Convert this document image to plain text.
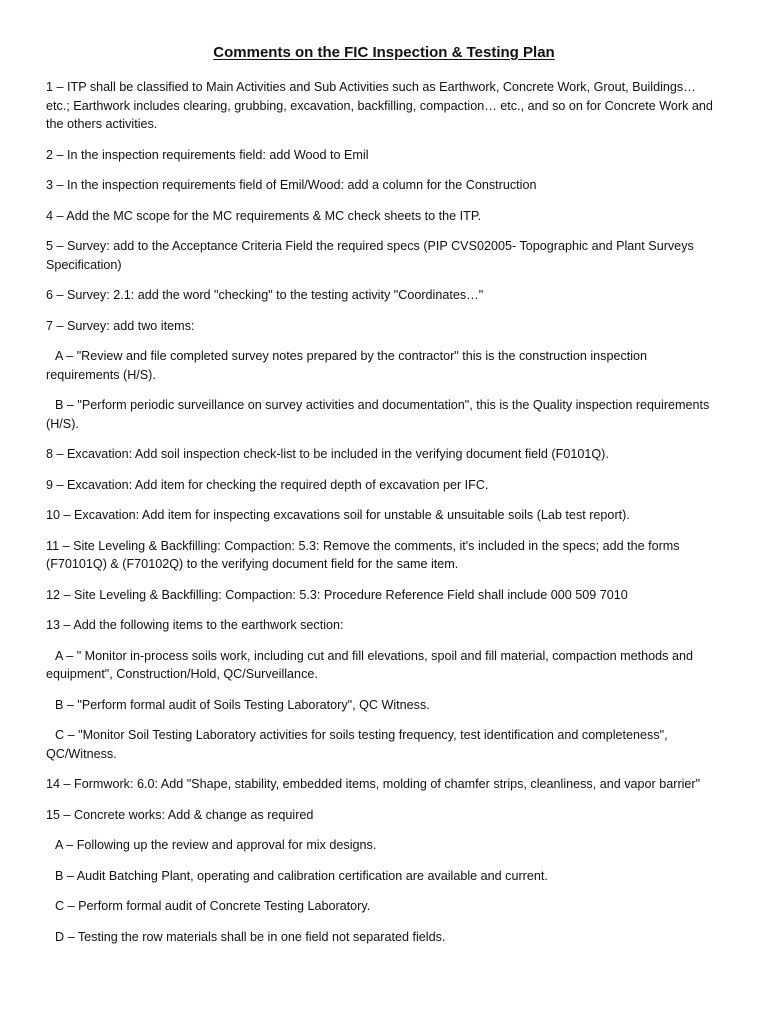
Comments on the FIC Inspection & Testing Plan

1 – ITP shall be classified to Main Activities and Sub Activities such as Earthwork, Concrete Work, Grout, Buildings… etc.; Earthwork includes clearing, grubbing, excavation, backfilling, compaction… etc., and so on for Concrete Work and the others activities.

2 – In the inspection requirements field: add Wood to Emil

3 – In the inspection requirements field of Emil/Wood: add a column for the Construction

4 – Add the MC scope for the MC requirements & MC check sheets to the ITP.

5 – Survey: add to the Acceptance Criteria Field the required specs (PIP CVS02005- Topographic and Plant Surveys Specification)

6 – Survey: 2.1: add the word "checking" to the testing activity "Coordinates…"

7 – Survey: add two items:

A – "Review and file completed survey notes prepared by the contractor" this is the construction inspection requirements (H/S).

B – "Perform periodic surveillance on survey activities and documentation", this is the Quality inspection requirements (H/S).

8 – Excavation: Add soil inspection check-list to be included in the verifying document field (F0101Q).

9 – Excavation: Add item for checking the required depth of excavation per IFC.

10 – Excavation: Add item for inspecting excavations soil for unstable & unsuitable soils (Lab test report).

11 – Site Leveling & Backfilling: Compaction: 5.3: Remove the comments, it's included in the specs; add the forms (F70101Q) & (F70102Q) to the verifying document field for the same item.

12 – Site Leveling & Backfilling: Compaction: 5.3: Procedure Reference Field shall include 000 509 7010

13 – Add the following items to the earthwork section:

A – " Monitor in-process soils work, including cut and fill elevations, spoil and fill material, compaction methods and equipment", Construction/Hold, QC/Surveillance.

B – "Perform formal audit of Soils Testing Laboratory", QC Witness.

C – "Monitor Soil Testing Laboratory activities for soils testing frequency, test identification and completeness", QC/Witness.

14 – Formwork: 6.0: Add "Shape, stability, embedded items, molding of chamfer strips, cleanliness, and vapor barrier"

15 – Concrete works: Add & change as required

A – Following up the review and approval for mix designs.

B – Audit Batching Plant, operating and calibration certification are available and current.

C – Perform formal audit of Concrete Testing Laboratory.

D – Testing the row materials shall be in one field not separated fields.
